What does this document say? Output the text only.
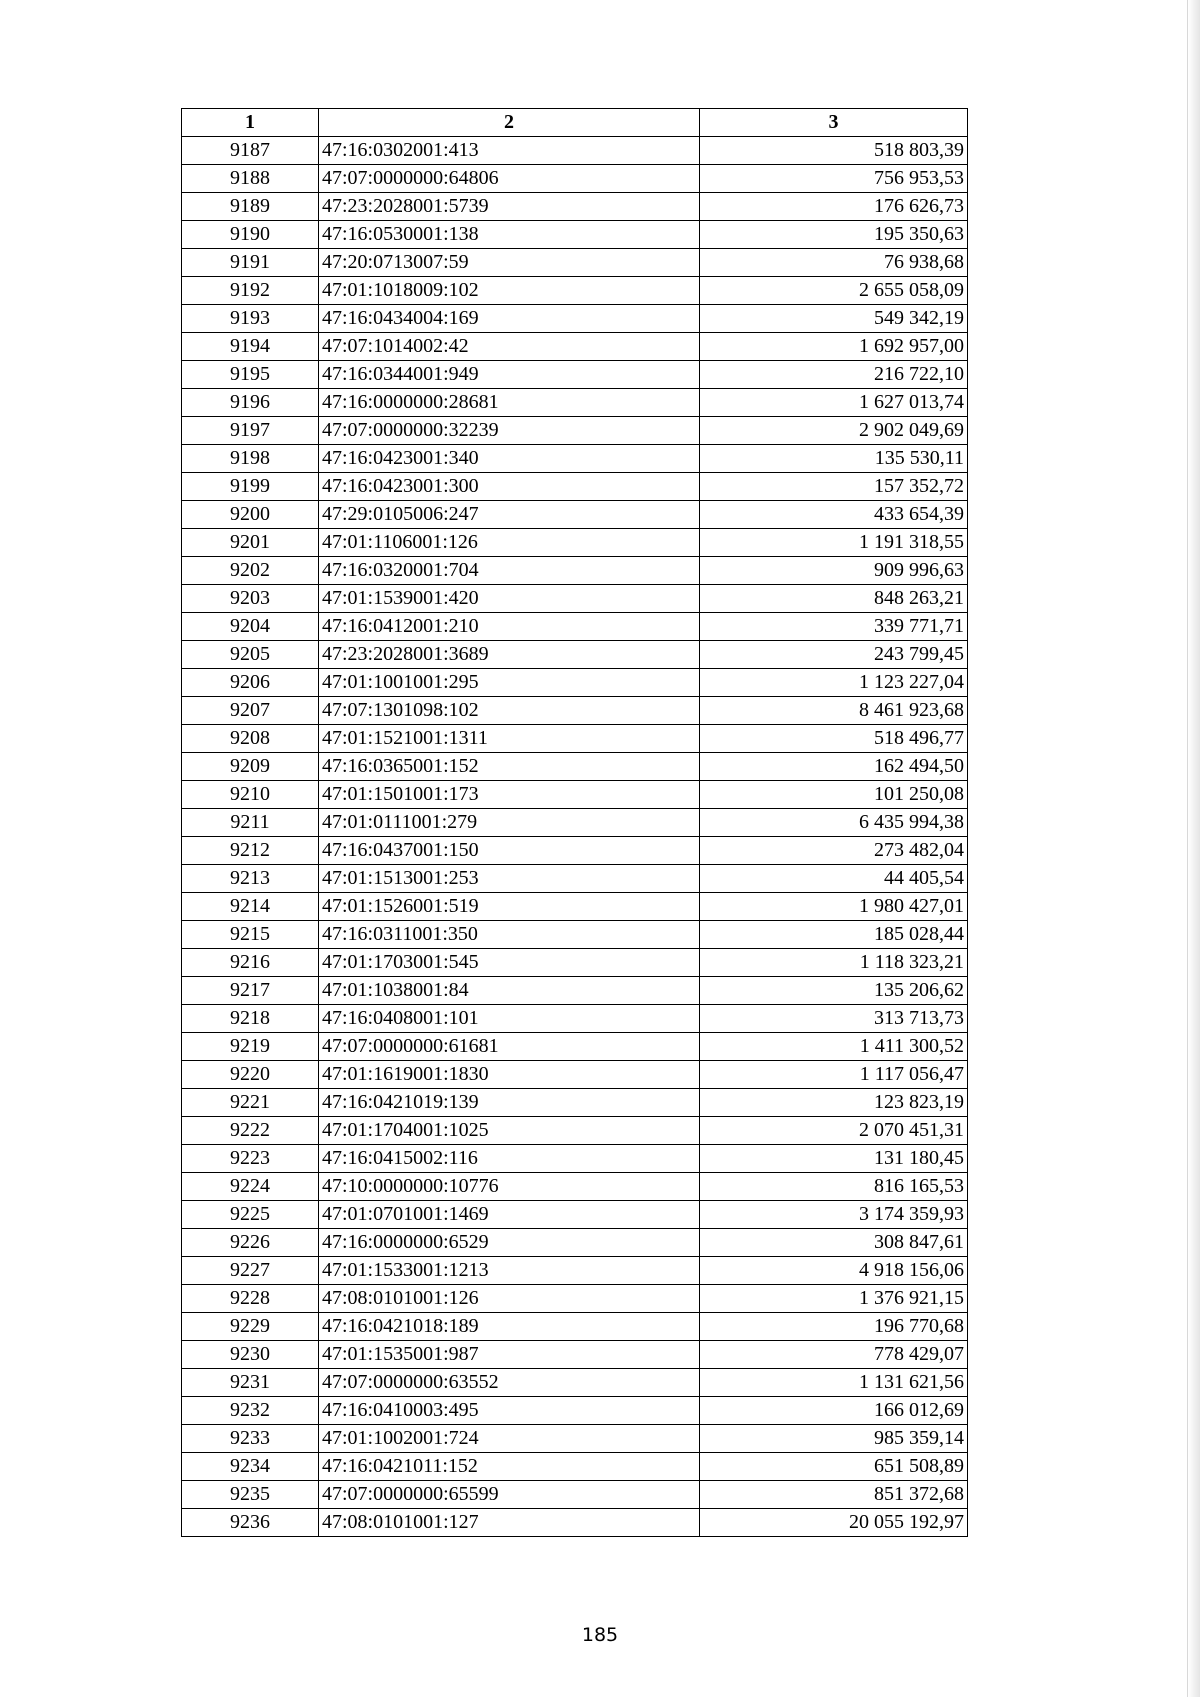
1	2	3
9187	47:16:0302001:413	518 803,39
9188	47:07:0000000:64806	756 953,53
9189	47:23:2028001:5739	176 626,73
9190	47:16:0530001:138	195 350,63
9191	47:20:0713007:59	76 938,68
9192	47:01:1018009:102	2 655 058,09
9193	47:16:0434004:169	549 342,19
9194	47:07:1014002:42	1 692 957,00
9195	47:16:0344001:949	216 722,10
9196	47:16:0000000:28681	1 627 013,74
9197	47:07:0000000:32239	2 902 049,69
9198	47:16:0423001:340	135 530,11
9199	47:16:0423001:300	157 352,72
9200	47:29:0105006:247	433 654,39
9201	47:01:1106001:126	1 191 318,55
9202	47:16:0320001:704	909 996,63
9203	47:01:1539001:420	848 263,21
9204	47:16:0412001:210	339 771,71
9205	47:23:2028001:3689	243 799,45
9206	47:01:1001001:295	1 123 227,04
9207	47:07:1301098:102	8 461 923,68
9208	47:01:1521001:1311	518 496,77
9209	47:16:0365001:152	162 494,50
9210	47:01:1501001:173	101 250,08
9211	47:01:0111001:279	6 435 994,38
9212	47:16:0437001:150	273 482,04
9213	47:01:1513001:253	44 405,54
9214	47:01:1526001:519	1 980 427,01
9215	47:16:0311001:350	185 028,44
9216	47:01:1703001:545	1 118 323,21
9217	47:01:1038001:84	135 206,62
9218	47:16:0408001:101	313 713,73
9219	47:07:0000000:61681	1 411 300,52
9220	47:01:1619001:1830	1 117 056,47
9221	47:16:0421019:139	123 823,19
9222	47:01:1704001:1025	2 070 451,31
9223	47:16:0415002:116	131 180,45
9224	47:10:0000000:10776	816 165,53
9225	47:01:0701001:1469	3 174 359,93
9226	47:16:0000000:6529	308 847,61
9227	47:01:1533001:1213	4 918 156,06
9228	47:08:0101001:126	1 376 921,15
9229	47:16:0421018:189	196 770,68
9230	47:01:1535001:987	778 429,07
9231	47:07:0000000:63552	1 131 621,56
9232	47:16:0410003:495	166 012,69
9233	47:01:1002001:724	985 359,14
9234	47:16:0421011:152	651 508,89
9235	47:07:0000000:65599	851 372,68
9236	47:08:0101001:127	20 055 192,97
185
